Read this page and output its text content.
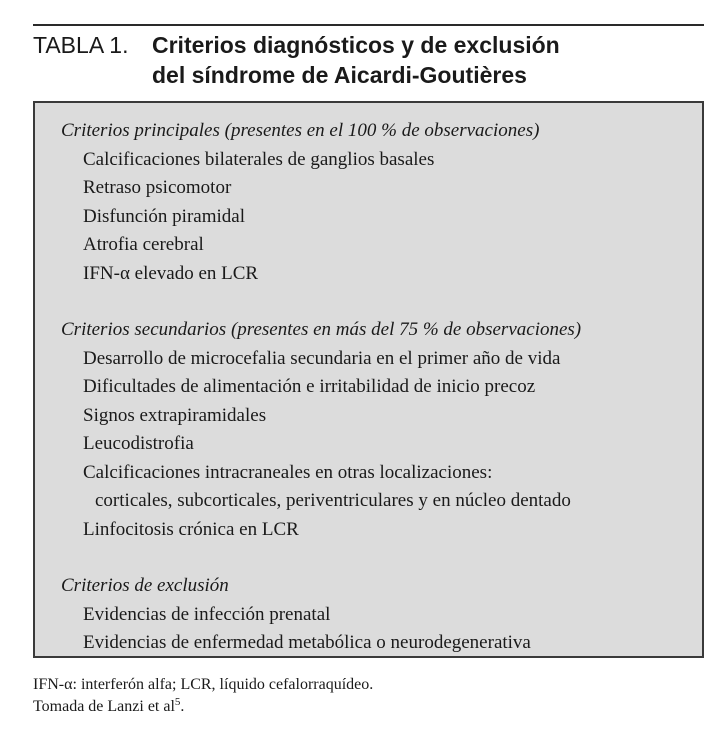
TABLA 1. Criterios diagnósticos y de exclusión
del síndrome de Aicardi-Goutières
Criterios principales (presentes en el 100 % de observaciones)
Calcificaciones bilaterales de ganglios basales
Retraso psicomotor
Disfunción piramidal
Atrofia cerebral
IFN-α elevado en LCR
Criterios secundarios (presentes en más del 75 % de observaciones)
Desarrollo de microcefalia secundaria en el primer año de vida
Dificultades de alimentación e irritabilidad de inicio precoz
Signos extrapiramidales
Leucodistrofia
Calcificaciones intracraneales en otras localizaciones:
corticales, subcorticales, periventriculares y en núcleo dentado
Linfocitosis crónica en LCR
Criterios de exclusión
Evidencias de infección prenatal
Evidencias de enfermedad metabólica o neurodegenerativa
IFN-α: interferón alfa; LCR, líquido cefalorraquídeo.
Tomada de Lanzi et $al^5$.
